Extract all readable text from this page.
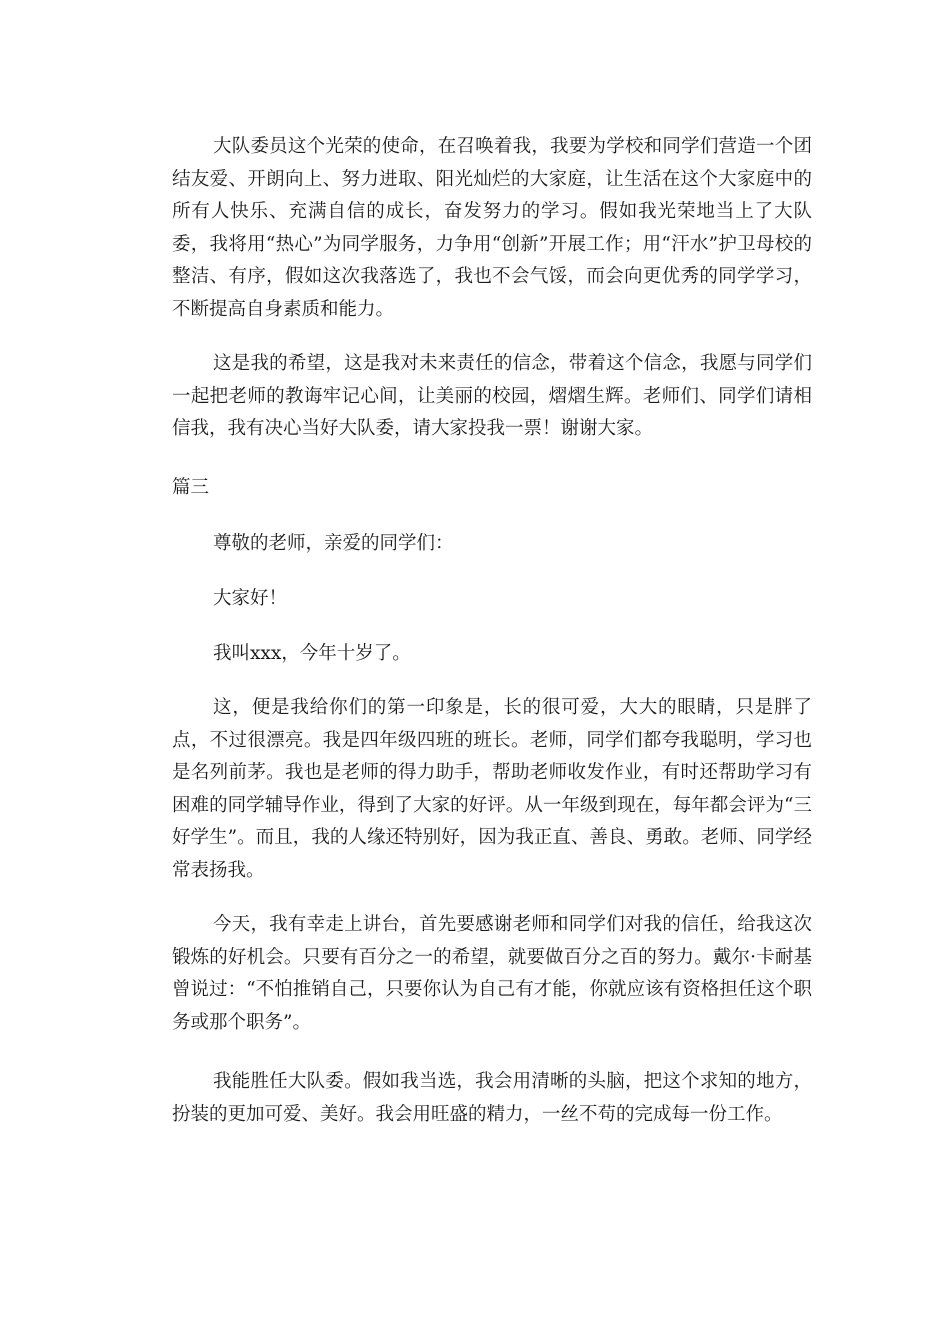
大队委员这个光荣的使命，在召唤着我，我要为学校和同学们营造一个团结友爱、开朗向上、努力进取、阳光灿烂的大家庭，让生活在这个大家庭中的所有人快乐、充满自信的成长，奋发努力的学习。假如我光荣地当上了大队委，我将用“热心”为同学服务，力争用“创新”开展工作；用“汗水”护卫母校的整洁、有序，假如这次我落选了，我也不会气馁，而会向更优秀的同学学习，不断提高自身素质和能力。

这是我的希望，这是我对未来责任的信念，带着这个信念，我愿与同学们一起把老师的教诲牢记心间，让美丽的校园，熠熠生辉。老师们、同学们请相信我，我有决心当好大队委，请大家投我一票！谢谢大家。

篇三

尊敬的老师，亲爱的同学们：

大家好！

我叫xxx，今年十岁了。

这，便是我给你们的第一印象是，长的很可爱，大大的眼睛，只是胖了点，不过很漂亮。我是四年级四班的班长。老师，同学们都夸我聪明，学习也是名列前茅。我也是老师的得力助手，帮助老师收发作业，有时还帮助学习有困难的同学辅导作业，得到了大家的好评。从一年级到现在，每年都会评为“三好学生”。而且，我的人缘还特别好，因为我正直、善良、勇敢。老师、同学经常表扬我。

今天，我有幸走上讲台，首先要感谢老师和同学们对我的信任，给我这次锻炼的好机会。只要有百分之一的希望，就要做百分之百的努力。戴尔·卡耐基曾说过：“不怕推销自己，只要你认为自己有才能，你就应该有资格担任这个职务或那个职务”。

我能胜任大队委。假如我当选，我会用清晰的头脑，把这个求知的地方，扮装的更加可爱、美好。我会用旺盛的精力，一丝不苟的完成每一份工作。
